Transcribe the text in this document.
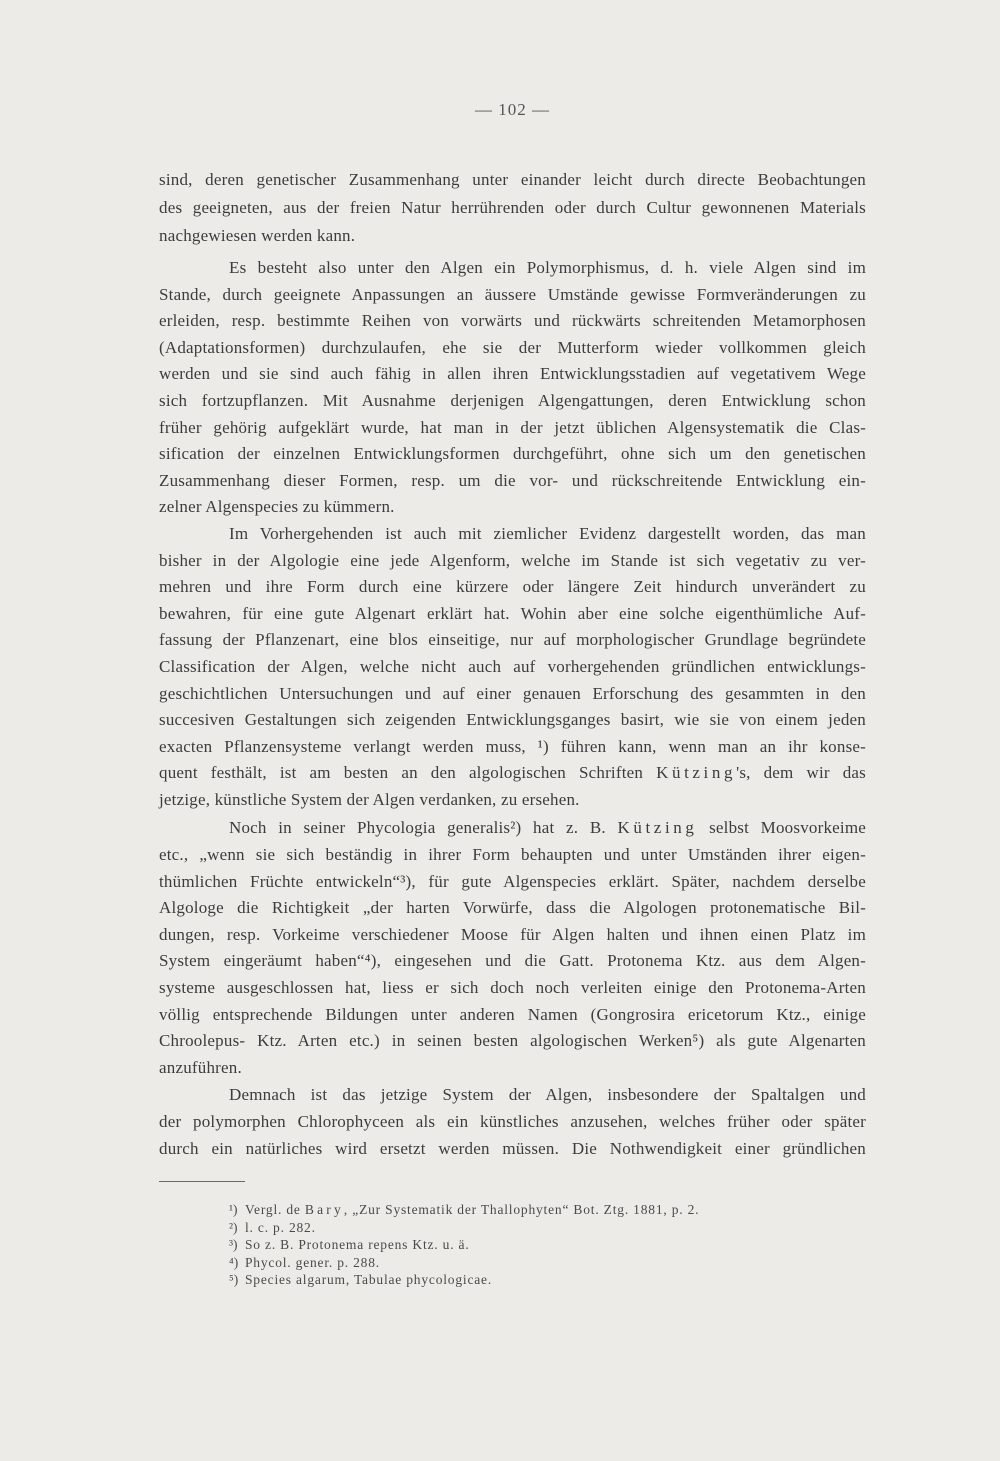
— 102 —
sind, deren genetischer Zusammenhang unter einander leicht durch directe Beobachtungen
des geeigneten, aus der freien Natur herrührenden oder durch Cultur gewonnenen Materials
nachgewiesen werden kann.
Es besteht also unter den Algen ein Polymorphismus, d. h. viele Algen sind im
Stande, durch geeignete Anpassungen an äussere Umstände gewisse Formveränderungen zu
erleiden, resp. bestimmte Reihen von vorwärts und rückwärts schreitenden Metamorphosen
(Adaptationsformen) durchzulaufen, ehe sie der Mutterform wieder vollkommen gleich
werden und sie sind auch fähig in allen ihren Entwicklungsstadien auf vegetativem Wege
sich fortzupflanzen. Mit Ausnahme derjenigen Algengattungen, deren Entwicklung schon
früher gehörig aufgeklärt wurde, hat man in der jetzt üblichen Algensystematik die Clas-
sification der einzelnen Entwicklungsformen durchgeführt, ohne sich um den genetischen
Zusammenhang dieser Formen, resp. um die vor- und rückschreitende Entwicklung ein-
zelner Algenspecies zu kümmern.
Im Vorhergehenden ist auch mit ziemlicher Evidenz dargestellt worden, das man
bisher in der Algologie eine jede Algenform, welche im Stande ist sich vegetativ zu ver-
mehren und ihre Form durch eine kürzere oder längere Zeit hindurch unverändert zu
bewahren, für eine gute Algenart erklärt hat. Wohin aber eine solche eigenthümliche Auf-
fassung der Pflanzenart, eine blos einseitige, nur auf morphologischer Grundlage begründete
Classification der Algen, welche nicht auch auf vorhergehenden gründlichen entwicklungs-
geschichtlichen Untersuchungen und auf einer genauen Erforschung des gesammten in den
succesiven Gestaltungen sich zeigenden Entwicklungsganges basirt, wie sie von einem jeden
exacten Pflanzensysteme verlangt werden muss, ¹) führen kann, wenn man an ihr konse-
quent festhält, ist am besten an den algologischen Schriften Kützing's, dem wir das
jetzige, künstliche System der Algen verdanken, zu ersehen.
Noch in seiner Phycologia generalis²) hat z. B. Kützing selbst Moosvorkeime
etc., „wenn sie sich beständig in ihrer Form behaupten und unter Umständen ihrer eigen-
thümlichen Früchte entwickeln“³), für gute Algenspecies erklärt. Später, nachdem derselbe
Algologe die Richtigkeit „der harten Vorwürfe, dass die Algologen protonematische Bil-
dungen, resp. Vorkeime verschiedener Moose für Algen halten und ihnen einen Platz im
System eingeräumt haben“⁴), eingesehen und die Gatt. Protonema Ktz. aus dem Algen-
systeme ausgeschlossen hat, liess er sich doch noch verleiten einige den Protonema-Arten
völlig entsprechende Bildungen unter anderen Namen (Gongrosira ericetorum Ktz., einige
Chroolepus- Ktz. Arten etc.) in seinen besten algologischen Werken⁵) als gute Algenarten
anzuführen.
Demnach ist das jetzige System der Algen, insbesondere der Spaltalgen und
der polymorphen Chlorophyceen als ein künstliches anzusehen, welches früher oder später
durch ein natürliches wird ersetzt werden müssen. Die Nothwendigkeit einer gründlichen
¹) Vergl. de Bary, „Zur Systematik der Thallophyten“ Bot. Ztg. 1881, p. 2.
²) l. c. p. 282.
³) So z. B. Protonema repens Ktz. u. ä.
⁴) Phycol. gener. p. 288.
⁵) Species algarum, Tabulae phycologicae.
